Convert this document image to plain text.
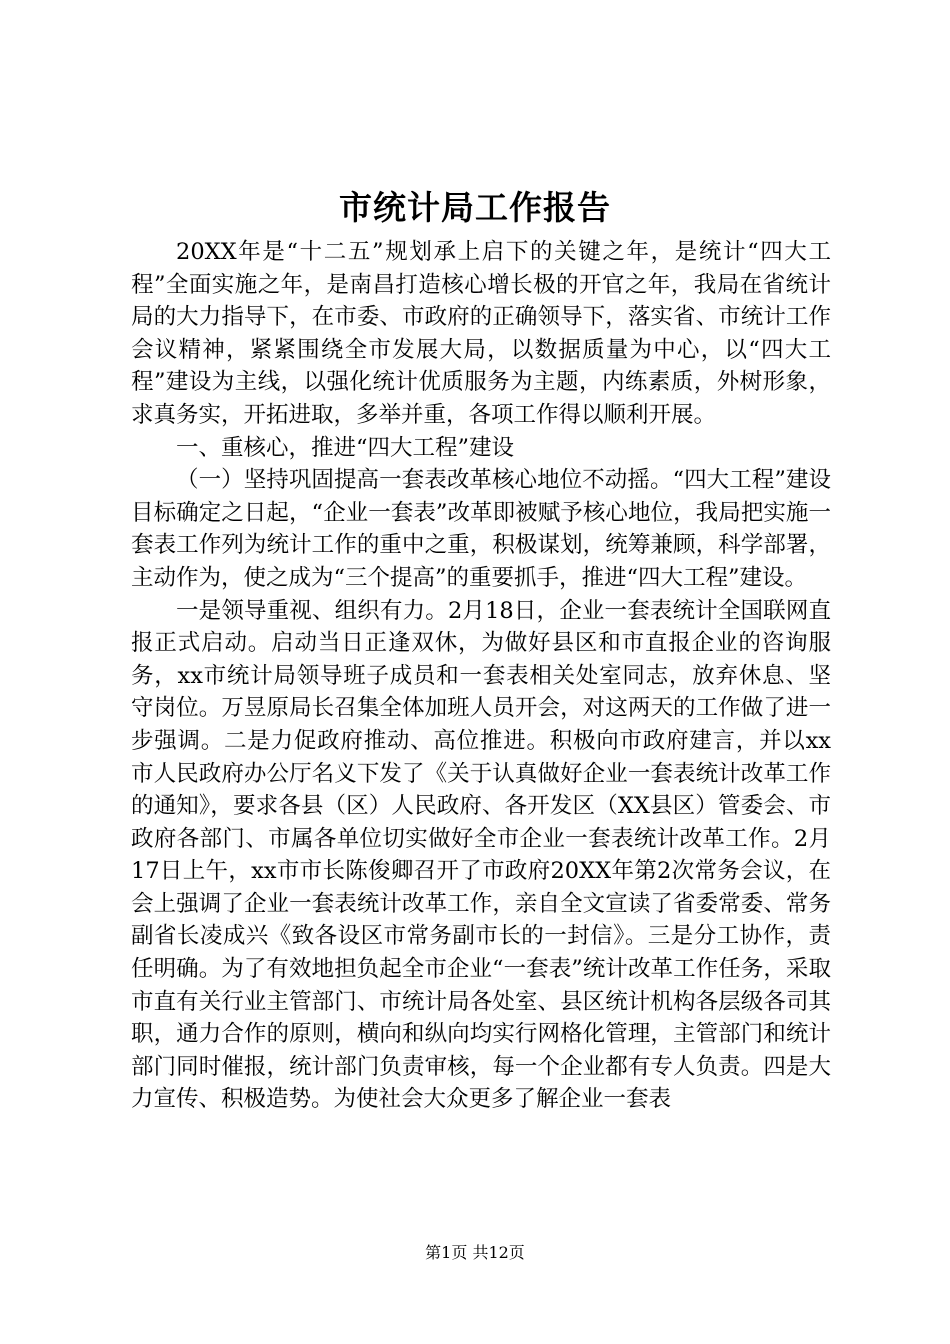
市统计局工作报告

20XX年是“十二五”规划承上启下的关键之年，是统计“四大工程”全面实施之年，是南昌打造核心增长极的开官之年，我局在省统计局的大力指导下，在市委、市政府的正确领导下，落实省、市统计工作会议精神，紧紧围绕全市发展大局，以数据质量为中心，以“四大工程”建设为主线，以强化统计优质服务为主题，内练素质，外树形象，求真务实，开拓进取，多举并重，各项工作得以顺利开展。

一、重核心，推进“四大工程”建设

（一）坚持巩固提高一套表改革核心地位不动摇。“四大工程”建设目标确定之日起，“企业一套表”改革即被赋予核心地位，我局把实施一套表工作列为统计工作的重中之重，积极谋划，统筹兼顾，科学部署，主动作为，使之成为“三个提高”的重要抓手，推进“四大工程”建设。

一是领导重视、组织有力。2月18日，企业一套表统计全国联网直报正式启动。启动当日正逢双休，为做好县区和市直报企业的咨询服务，xx市统计局领导班子成员和一套表相关处室同志，放弃休息、坚守岗位。万昱原局长召集全体加班人员开会，对这两天的工作做了进一步强调。二是力促政府推动、高位推进。积极向市政府建言，并以xx市人民政府办公厅名义下发了《关于认真做好企业一套表统计改革工作的通知》，要求各县（区）人民政府、各开发区（XX县区）管委会、市政府各部门、市属各单位切实做好全市企业一套表统计改革工作。2月17日上午，xx市市长陈俊卿召开了市政府20XX年第2次常务会议，在会上强调了企业一套表统计改革工作，亲自全文宣读了省委常委、常务副省长凌成兴《致各设区市常务副市长的一封信》。三是分工协作，责任明确。为了有效地担负起全市企业“一套表”统计改革工作任务，采取市直有关行业主管部门、市统计局各处室、县区统计机构各层级各司其职，通力合作的原则，横向和纵向均实行网格化管理，主管部门和统计部门同时催报，统计部门负责审核，每一个企业都有专人负责。四是大力宣传、积极造势。为使社会大众更多了解企业一套表

第1页 共12页
